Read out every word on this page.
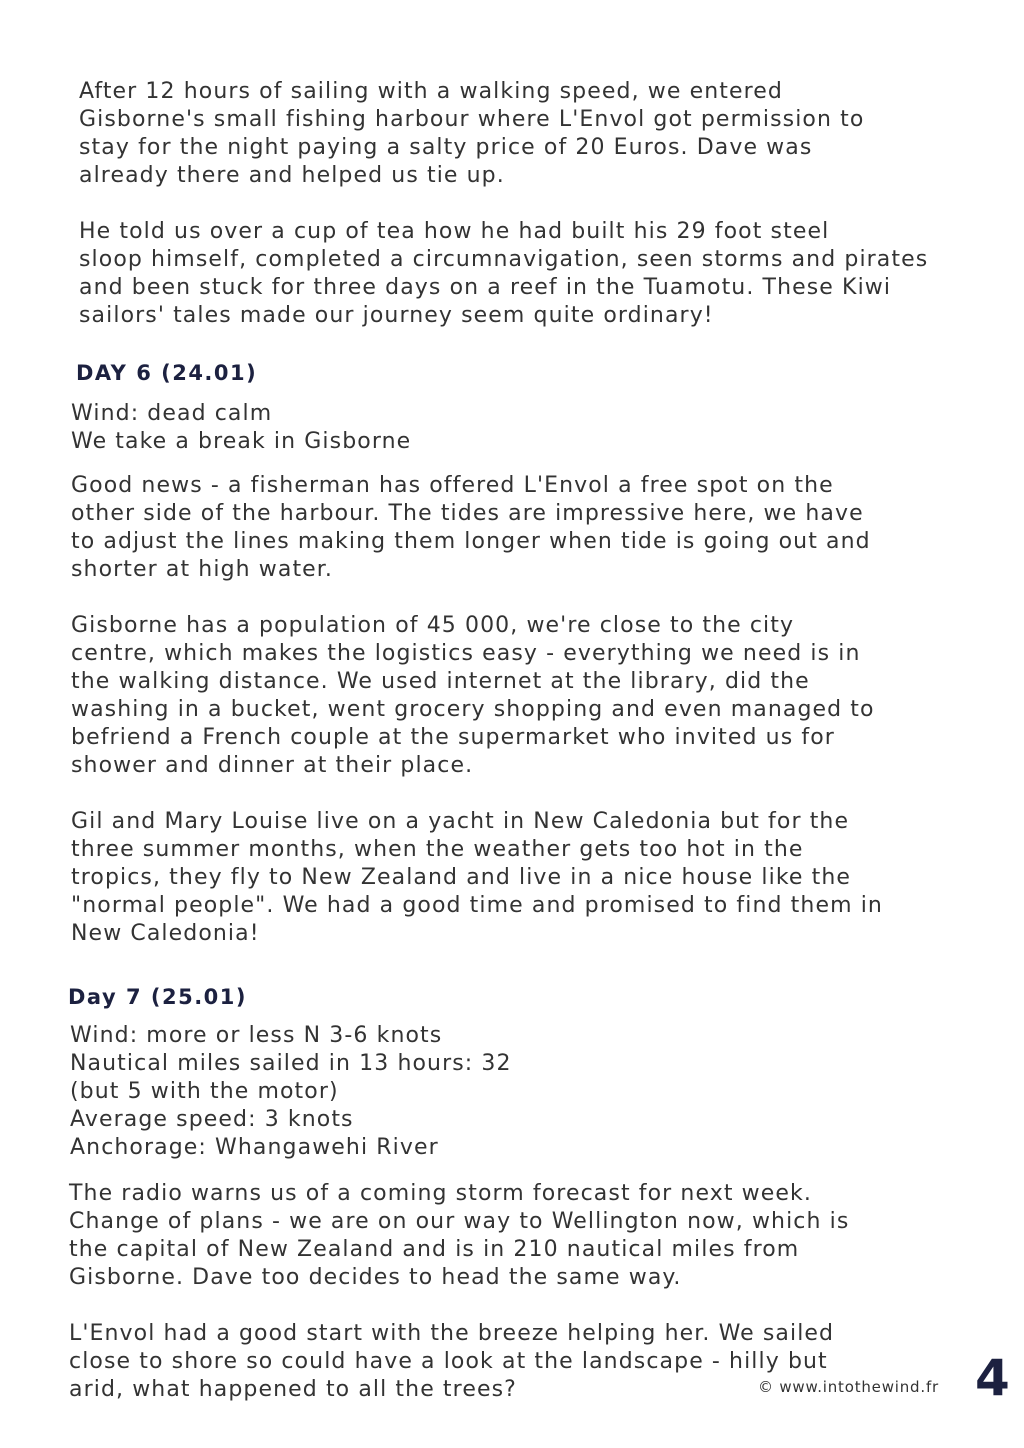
After 12 hours of sailing with a walking speed, we entered
Gisborne's small fishing harbour where L'Envol got permission to
stay for the night paying a salty price of 20 Euros. Dave was
already there and helped us tie up.
He told us over a cup of tea how he had built his 29 foot steel
sloop himself, completed a circumnavigation, seen storms and pirates
and been stuck for three days on a reef in the Tuamotu. These Kiwi
sailors' tales made our journey seem quite ordinary!
DAY 6 (24.01)
Wind: dead calm
We take a break in Gisborne
Good news - a fisherman has offered L'Envol a free spot on the
other side of the harbour. The tides are impressive here, we have
to adjust the lines making them longer when tide is going out and
shorter at high water.
Gisborne has a population of 45 000, we're close to the city
centre, which makes the logistics easy - everything we need is in
the walking distance. We used internet at the library, did the
washing in a bucket, went grocery shopping and even managed to
befriend a French couple at the supermarket who invited us for
shower and dinner at their place.
Gil and Mary Louise live on a yacht in New Caledonia but for the
three summer months, when the weather gets too hot in the
tropics, they fly to New Zealand and live in a nice house like the
"normal people". We had a good time and promised to find them in
New Caledonia!
Day 7 (25.01)
Wind: more or less N 3-6 knots
Nautical miles sailed in 13 hours: 32
(but 5 with the motor)
Average speed: 3 knots
Anchorage: Whangawehi River
The radio warns us of a coming storm forecast for next week.
Change of plans - we are on our way to Wellington now, which is
the capital of New Zealand and is in 210 nautical miles from
Gisborne. Dave too decides to head the same way.
L'Envol had a good start with the breeze helping her. We sailed
close to shore so could have a look at the landscape - hilly but
arid, what happened to all the trees?	© www.intothewind.fr 4
